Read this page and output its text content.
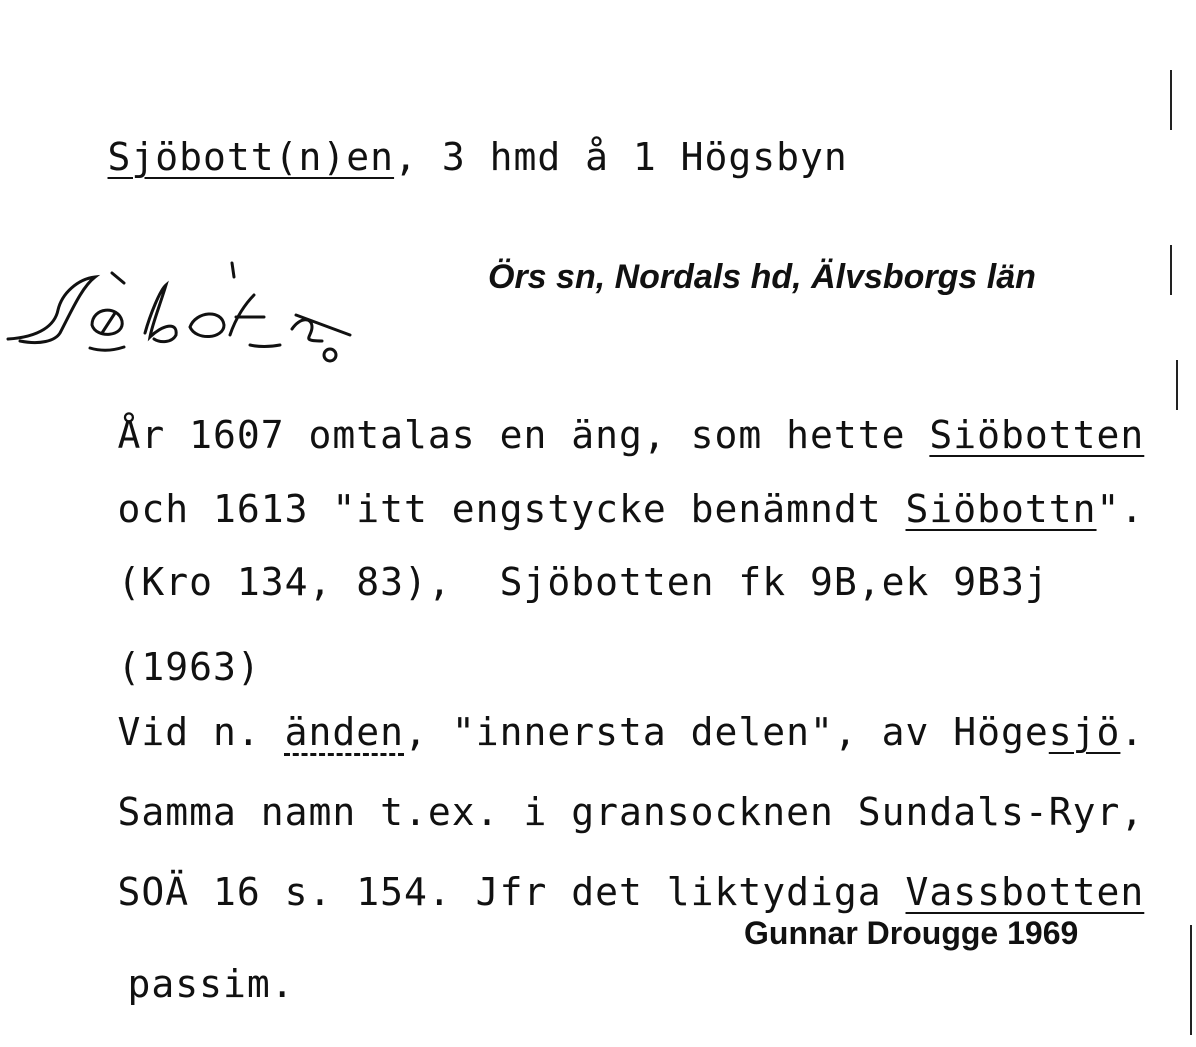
Sjöbott(n)en, 3 hmd å 1 Högsbyn

Örs sn, Nordals hd, Älvsborgs län

År 1607 omtalas en äng, som hette Siöbotten

och 1613 "itt engstycke benämndt Siöbottn".

(Kro 134, 83),  Sjöbotten fk 9B,ek 9B3j

(1963)

Vid n. änden, "innersta delen", av Högesjö.

Samma namn t.ex. i gransocknen Sundals-Ryr,

SOÄ 16 s. 154. Jfr det liktydiga Vassbotten

passim.

Gunnar Drougge 1969
